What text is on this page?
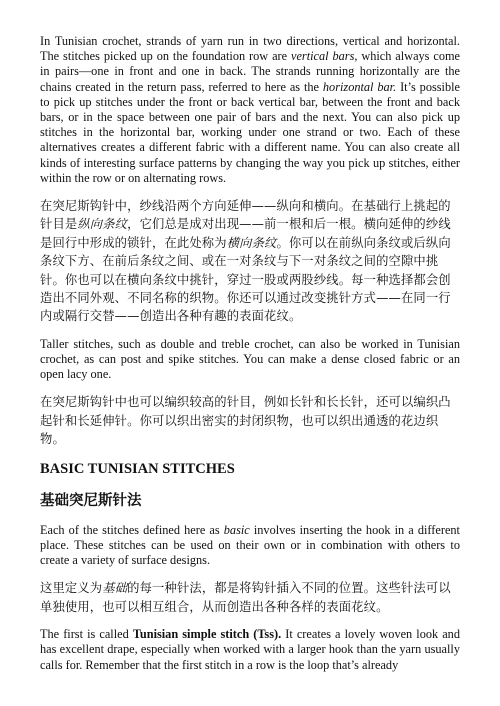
In Tunisian crochet, strands of yarn run in two directions, vertical and horizontal. The stitches picked up on the foundation row are vertical bars, which always come in pairs—one in front and one in back. The strands running horizontally are the chains created in the return pass, referred to here as the horizontal bar. It’s possible to pick up stitches under the front or back vertical bar, between the front and back bars, or in the space between one pair of bars and the next. You can also pick up stitches in the horizontal bar, working under one strand or two. Each of these alternatives creates a different fabric with a different name. You can also create all kinds of interesting surface patterns by changing the way you pick up stitches, either within the row or on alternating rows.

在突尼斯钩针中，纱线沿两个方向延伸——纵向和横向。在基础行上挑起的针目是纵向条纹，它们总是成对出现——前一根和后一根。横向延伸的纱线是回行中形成的锁针，在此处称为横向条纹。你可以在前纵向条纹或后纵向条纹下方、在前后条纹之间、或在一对条纹与下一对条纹之间的空隙中挑针。你也可以在横向条纹中挑针，穿过一股或两股纱线。每一种选择都会创造出不同外观、不同名称的织物。你还可以通过改变挑针方式——在同一行内或隔行交替——创造出各种有趣的表面花纹。

Taller stitches, such as double and treble crochet, can also be worked in Tunisian crochet, as can post and spike stitches. You can make a dense closed fabric or an open lacy one.

在突尼斯钩针中也可以编织较高的针目，例如长针和长长针，还可以编织凸起针和长延伸针。你可以织出密实的封闭织物，也可以织出通透的花边织物。

BASIC TUNISIAN STITCHES
基础突尼斯针法

Each of the stitches defined here as basic involves inserting the hook in a different place. These stitches can be used on their own or in combination with others to create a variety of surface designs.

这里定义为基础的每一种针法，都是将钩针插入不同的位置。这些针法可以单独使用，也可以相互组合，从而创造出各种各样的表面花纹。

The first is called Tunisian simple stitch (Tss). It creates a lovely woven look and has excellent drape, especially when worked with a larger hook than the yarn usually calls for. Remember that the first stitch in a row is the loop that’s already
